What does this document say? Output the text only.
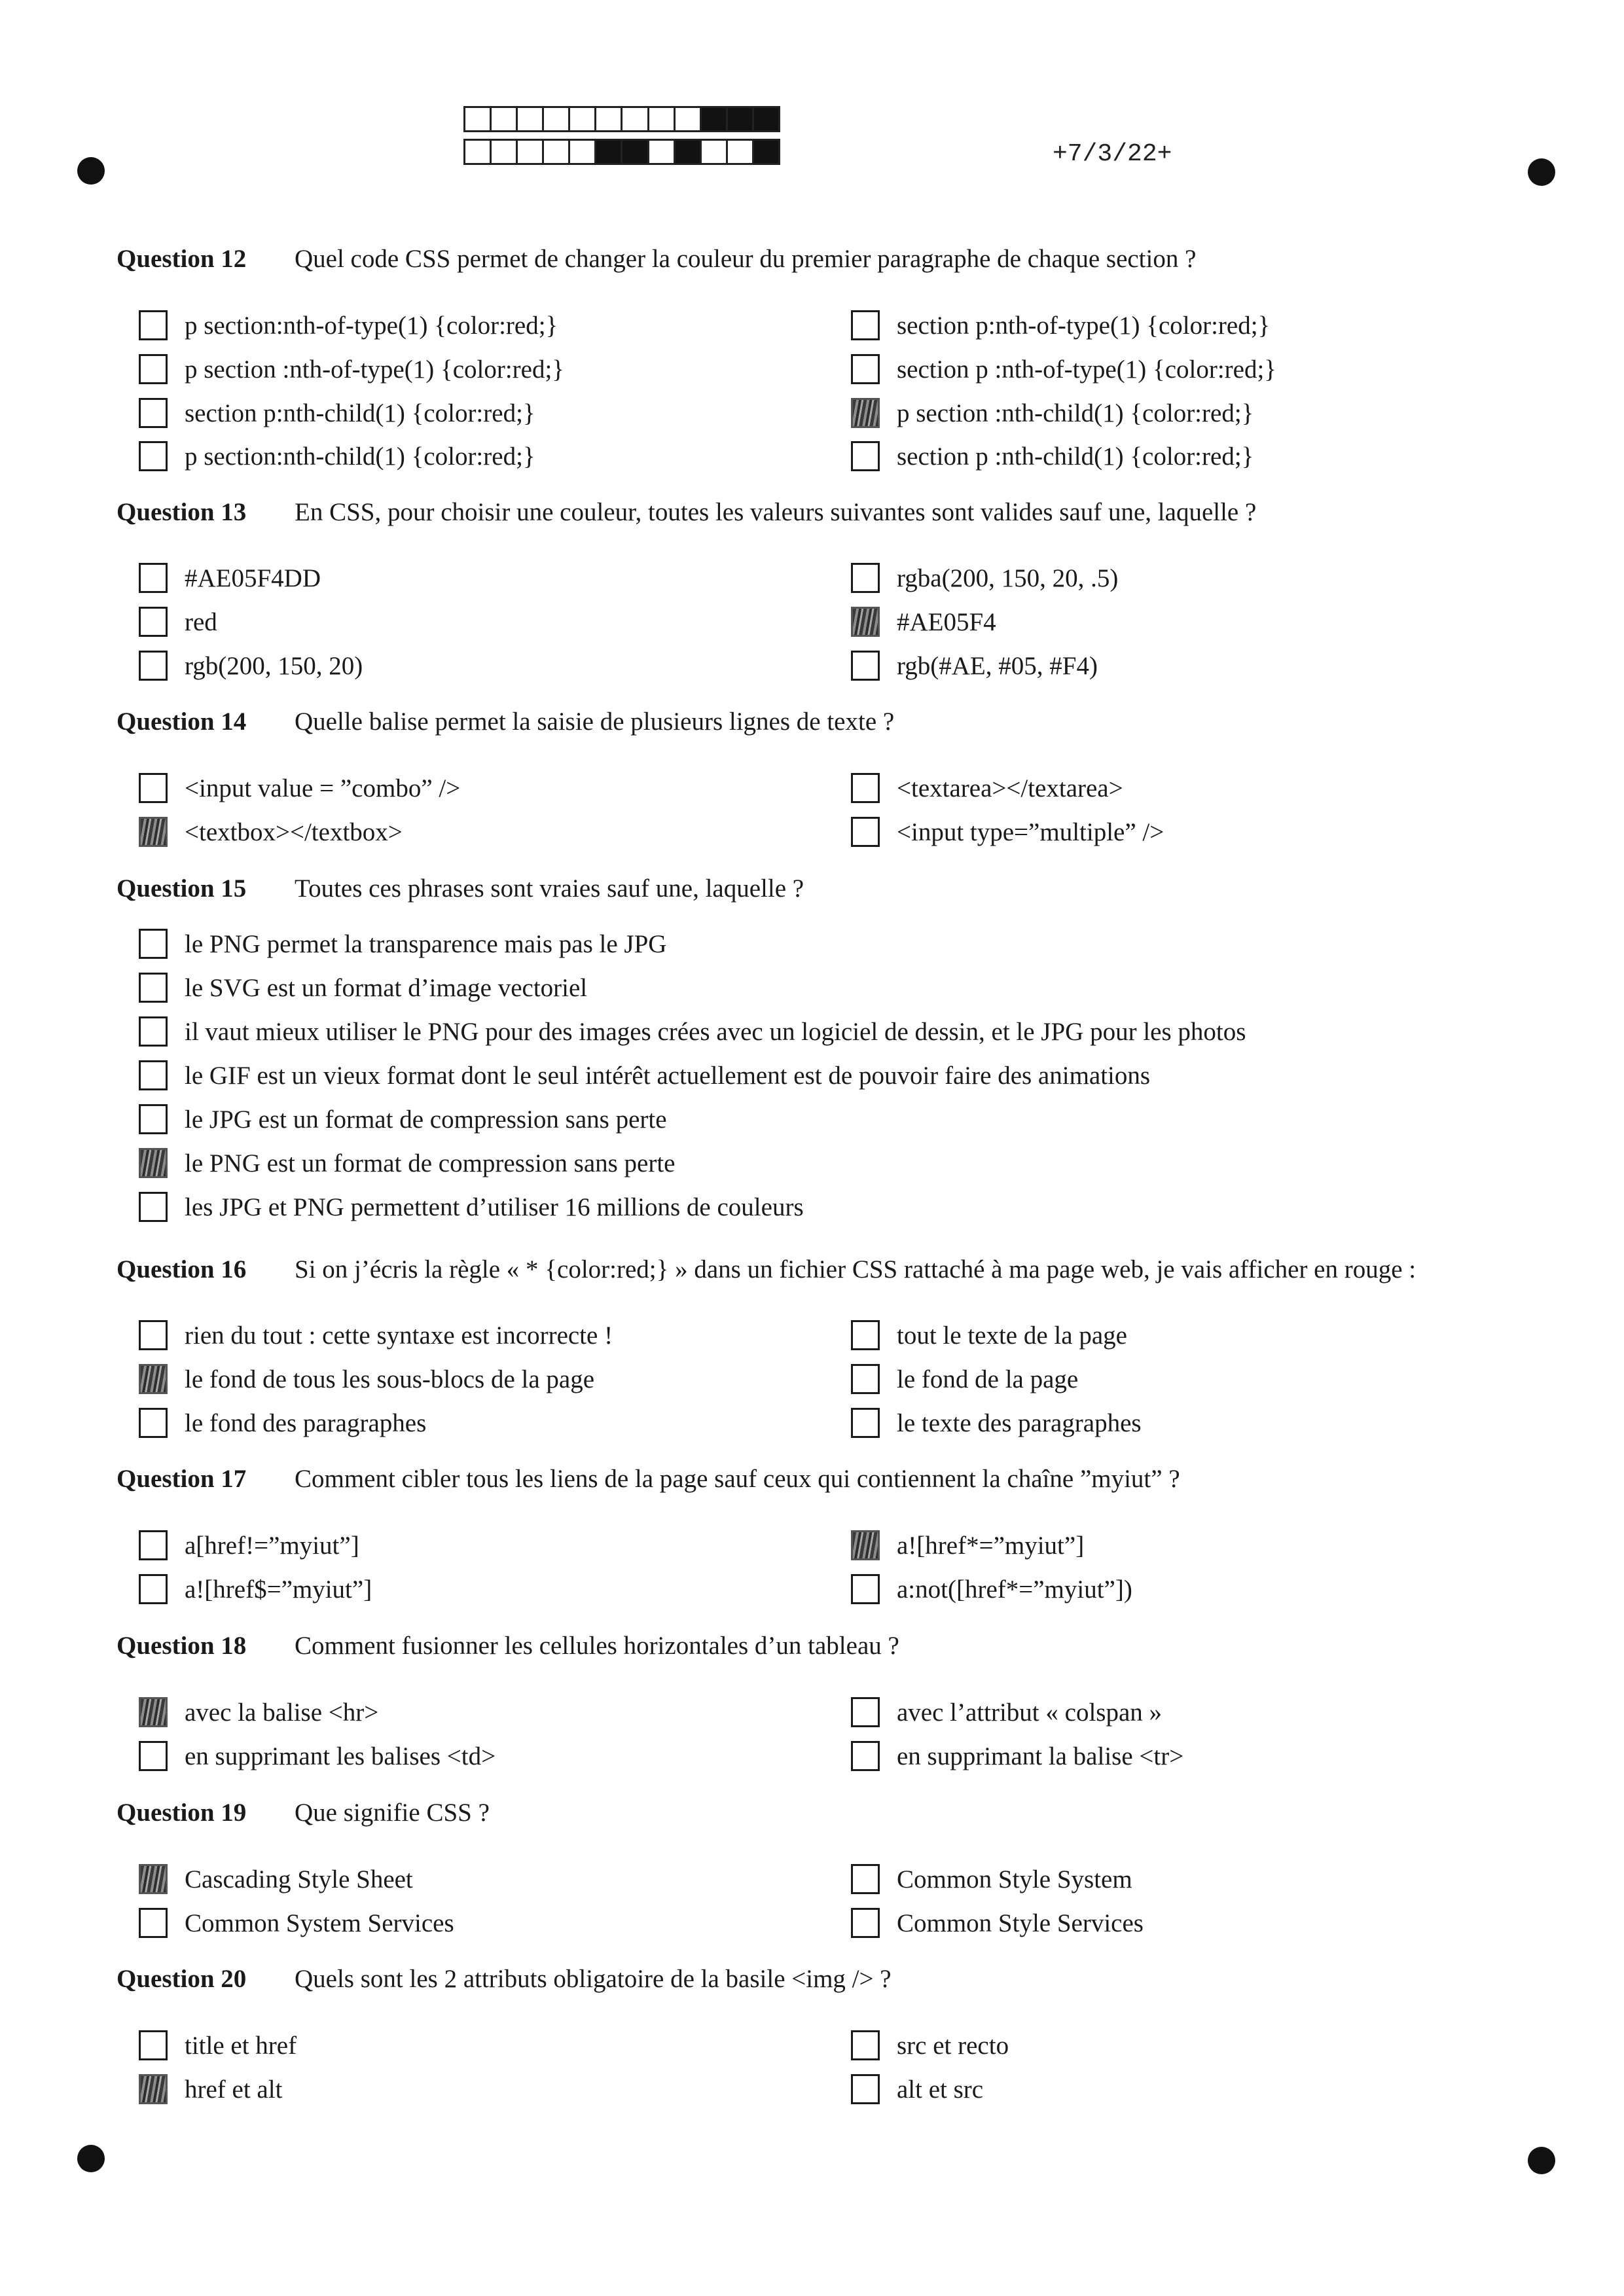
+7/3/22+
Question 12 Quel code CSS permet de changer la couleur du premier paragraphe de chaque section ?
p section:nth-of-type(1) {color:red;}
p section :nth-of-type(1) {color:red;}
section p:nth-child(1) {color:red;}
p section:nth-child(1) {color:red;}
section p:nth-of-type(1) {color:red;}
section p :nth-of-type(1) {color:red;}
p section :nth-child(1) {color:red;}
section p :nth-child(1) {color:red;}
Question 13 En CSS, pour choisir une couleur, toutes les valeurs suivantes sont valides sauf une, laquelle ?
#AE05F4DD
red
rgb(200, 150, 20)
rgba(200, 150, 20, .5)
#AE05F4
rgb(#AE, #05, #F4)
Question 14 Quelle balise permet la saisie de plusieurs lignes de texte ?
<input value = ”combo” />
<textbox></textbox>
<textarea></textarea>
<input type=”multiple” />
Question 15 Toutes ces phrases sont vraies sauf une, laquelle ?
le PNG permet la transparence mais pas le JPG
le SVG est un format d’image vectoriel
il vaut mieux utiliser le PNG pour des images crées avec un logiciel de dessin, et le JPG pour les photos
le GIF est un vieux format dont le seul intérêt actuellement est de pouvoir faire des animations
le JPG est un format de compression sans perte
le PNG est un format de compression sans perte
les JPG et PNG permettent d’utiliser 16 millions de couleurs
Question 16 Si on j’écris la règle « * {color:red;} » dans un fichier CSS rattaché à ma page web, je vais afficher en rouge :
rien du tout : cette syntaxe est incorrecte !
le fond de tous les sous-blocs de la page
le fond des paragraphes
tout le texte de la page
le fond de la page
le texte des paragraphes
Question 17 Comment cibler tous les liens de la page sauf ceux qui contiennent la chaîne ”myiut” ?
a[href!=”myiut”]
a![href$=”myiut”]
a![href*=”myiut”]
a:not([href*=”myiut”])
Question 18 Comment fusionner les cellules horizontales d’un tableau ?
avec la balise <hr>
en supprimant les balises <td>
avec l’attribut « colspan »
en supprimant la balise <tr>
Question 19 Que signifie CSS ?
Cascading Style Sheet
Common System Services
Common Style System
Common Style Services
Question 20 Quels sont les 2 attributs obligatoire de la basile <img /> ?
title et href
href et alt
src et recto
alt et src
